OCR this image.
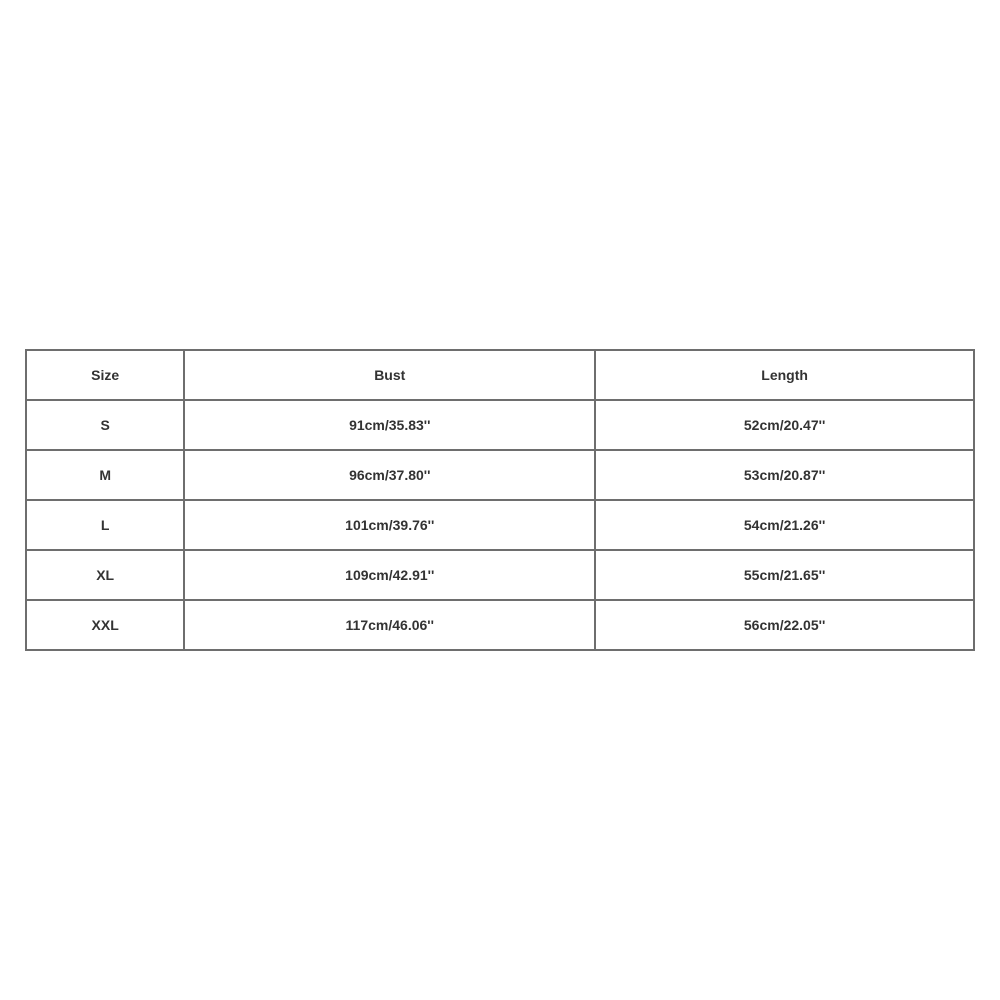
Size	Bust	Length
S	91cm/35.83''	52cm/20.47''
M	96cm/37.80''	53cm/20.87''
L	101cm/39.76''	54cm/21.26''
XL	109cm/42.91''	55cm/21.65''
XXL	117cm/46.06''	56cm/22.05''
